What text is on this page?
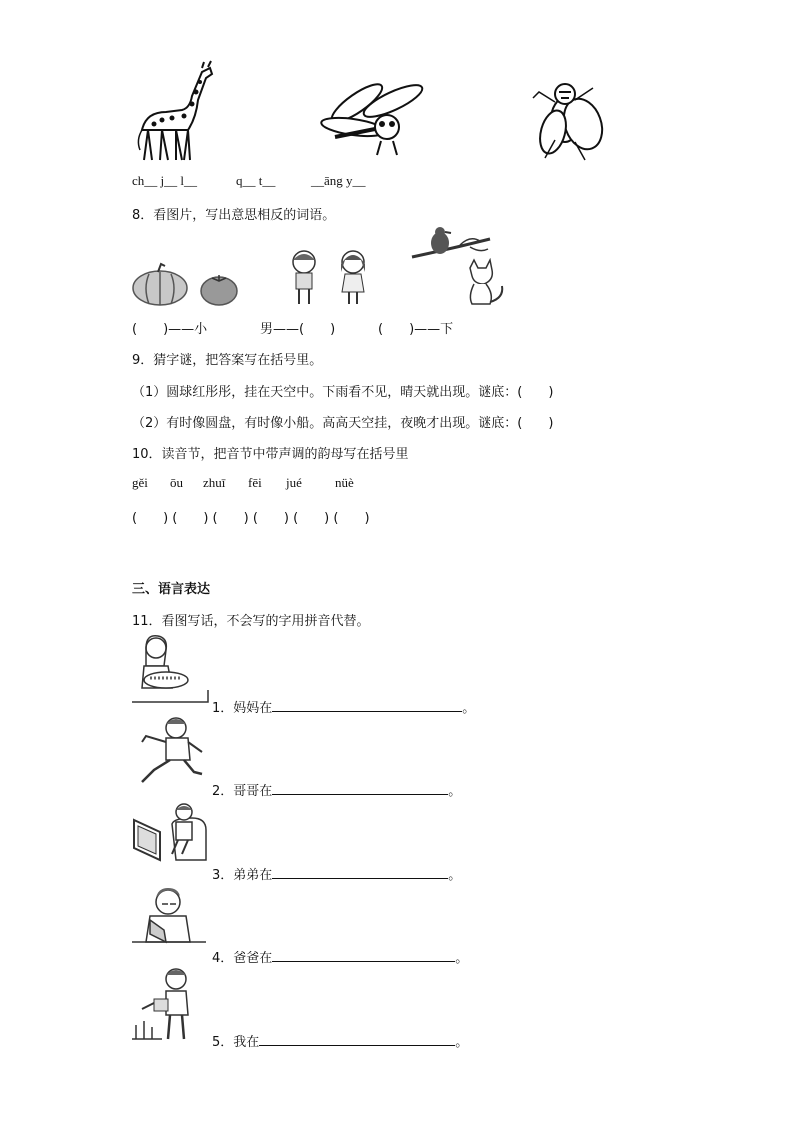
ch__ j__ l__	q__ t__	__āng y__
8．看图片，写出意思相反的词语。
(　　)——小	男——(　　)	(　　)——下
9．猜字谜，把答案写在括号里。
（1）圆球红彤彤，挂在天空中。下雨看不见，晴天就出现。谜底：(　　)
（2）有时像圆盘，有时像小船。高高天空挂，夜晚才出现。谜底：(　　)
10．读音节，把音节中带声调的韵母写在括号里
gěi ōu zhuī fēi jué	nüè
(　　) (　　) (　　) (　　) (　　) (　　)
三、语言表达
11．看图写话，不会写的字用拼音代替。
1．妈妈在	。
2．哥哥在	。
3．弟弟在	。
4．爸爸在	。
5．我在	。
